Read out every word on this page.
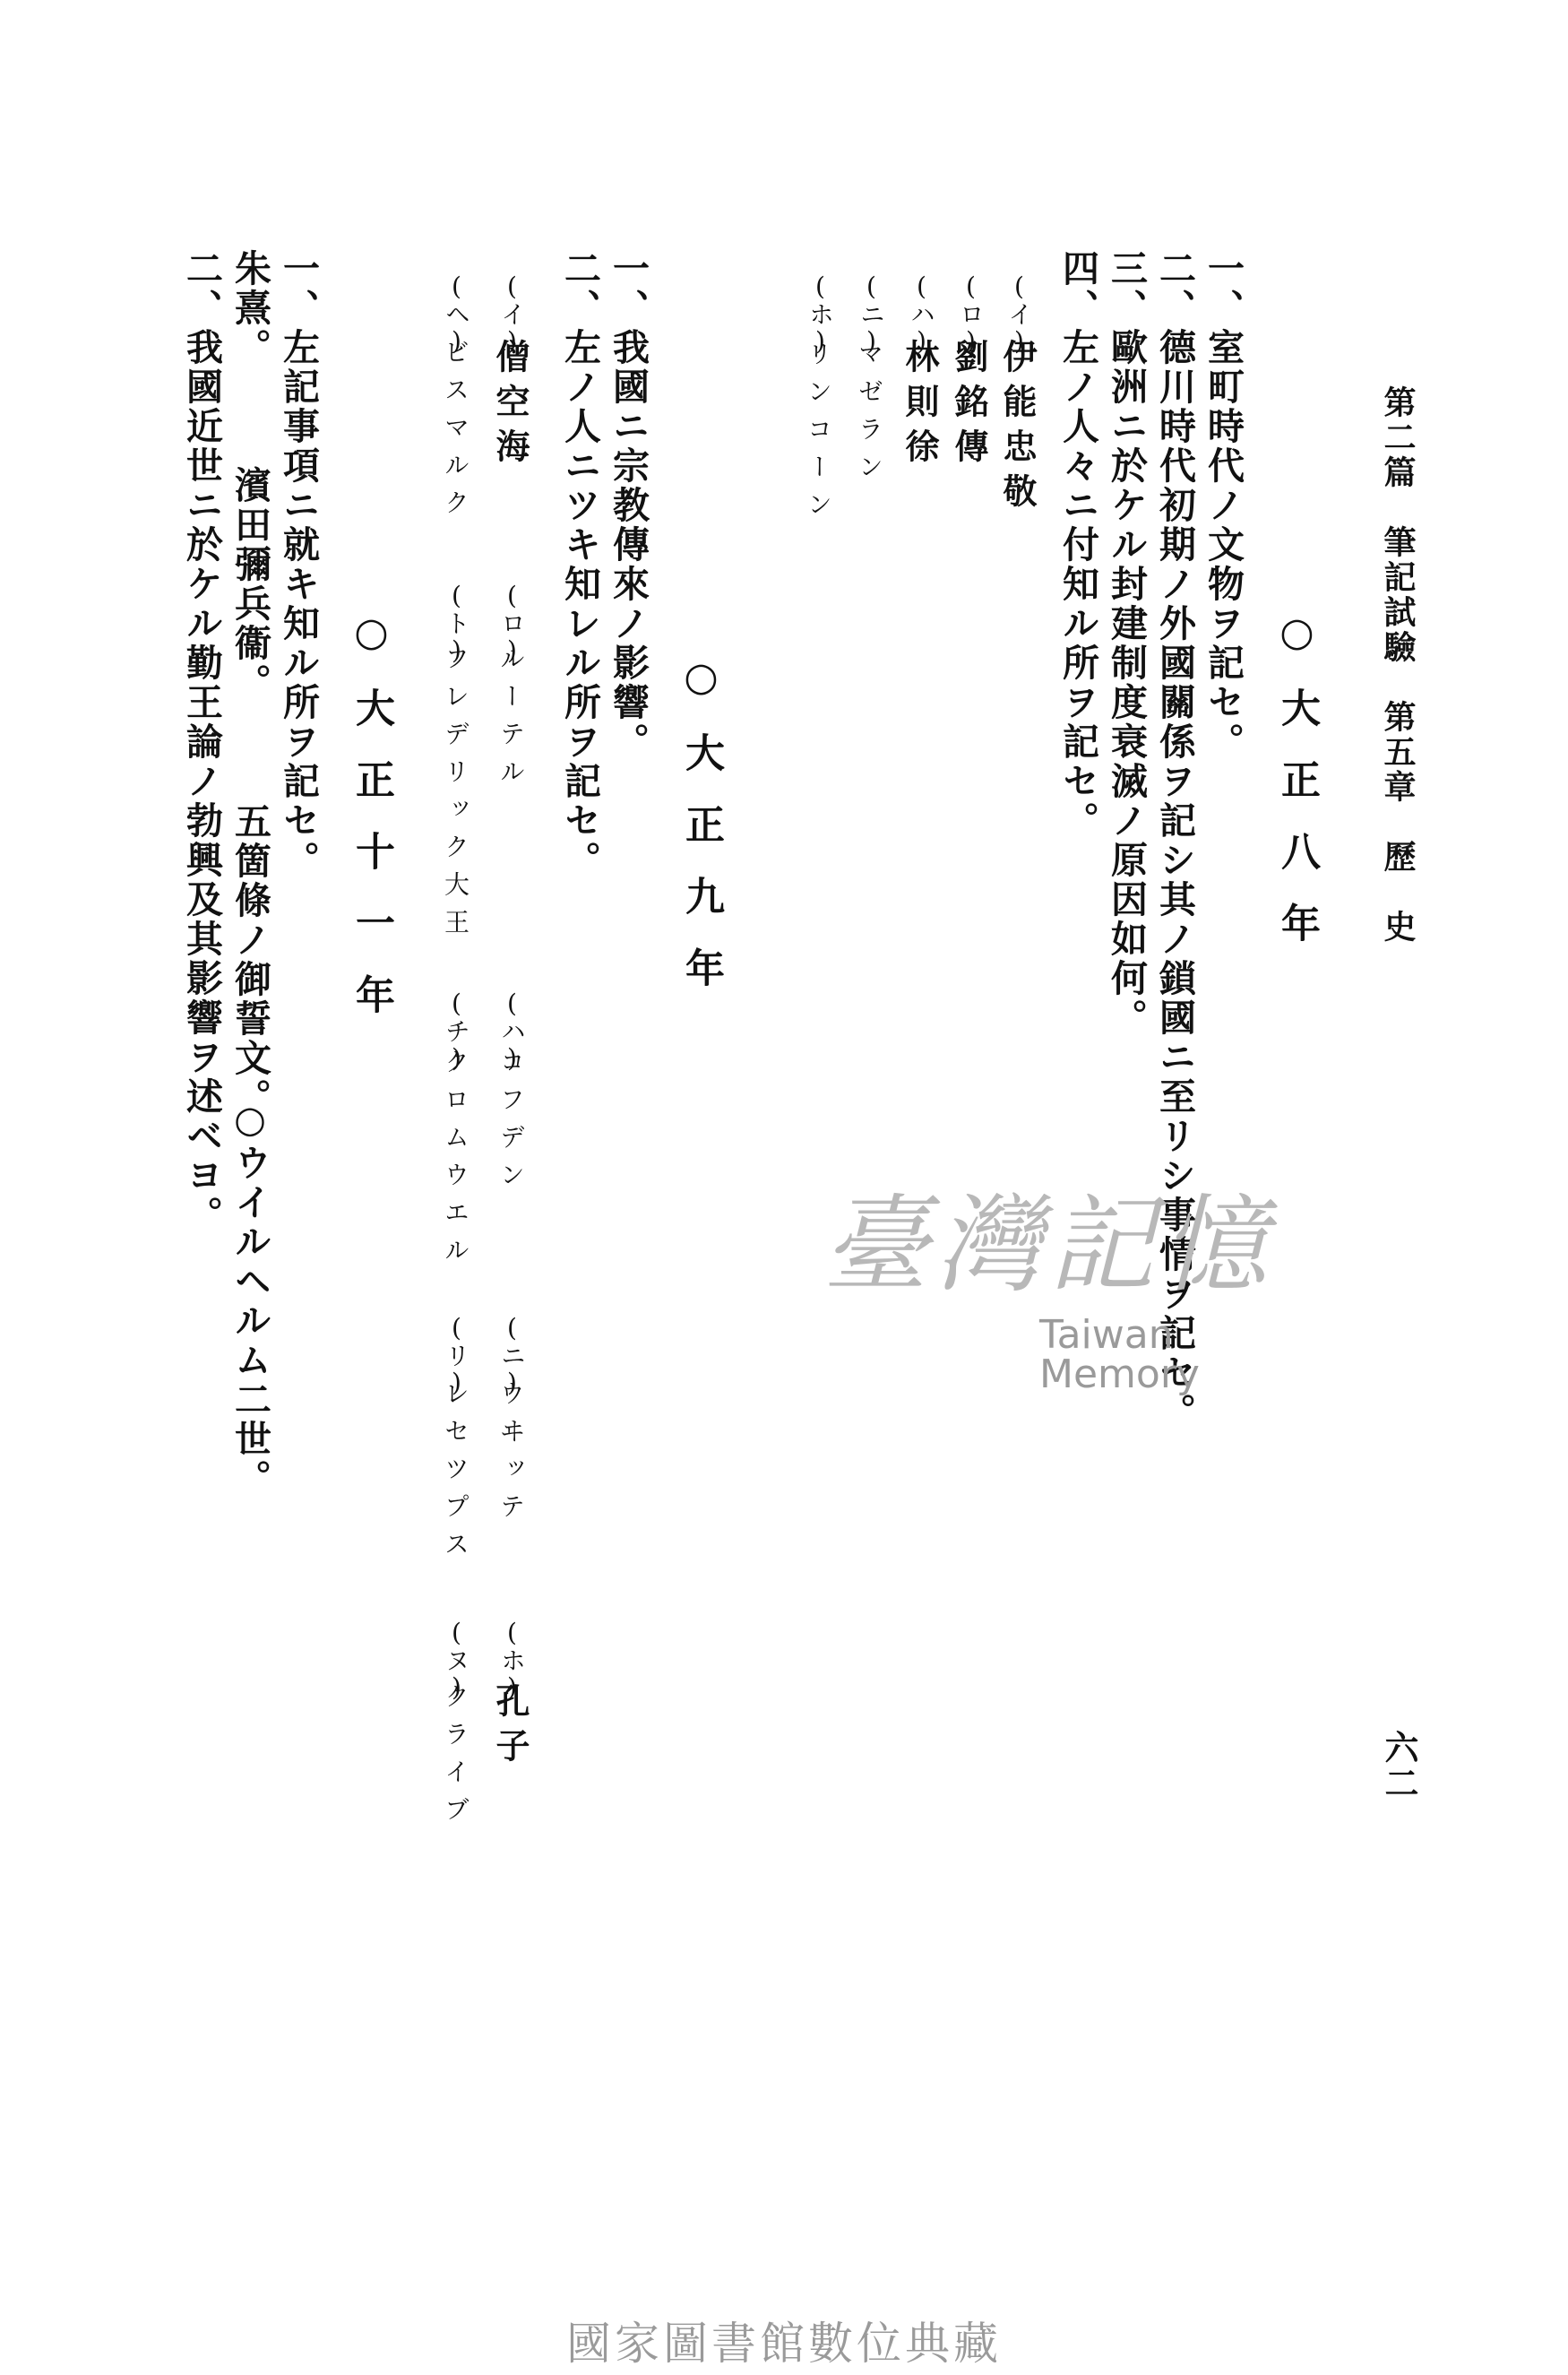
第二篇　筆記試驗　第五章　歷　史
六二
○大正八年
一、室町時代ノ文物ヲ記セ。
二、德川時代初期ノ外國關係ヲ記シ其ノ鎖國ニ至リシ事情ヲ記セ。
三、歐洲ニ於ケル封建制度衰滅ノ原因如何。
四、左ノ人々ニ付知ル所ヲ記セ。
(イ)
伊能忠敬
(ロ)
劉銘傳
(ハ)
林則徐
(ニ)
マゼラン
(ホ)
リンコーン
○大正九年
一、我國ニ宗教傳來ノ影響。
二、左ノ人ニツキ知レル所ヲ記セ。
(イ)
僧空海
(ロ)
ルーテル
(ハ)
コフデン
(ニ)
ウヰッテ
(ホ)
孔子
(ヘ)
ビスマルク
(ト)
フレデリック大王
(チ)
クロムウエル
(リ)
レセツプス
(ヌ)
クライブ
○大正十一年
一、左記事項ニ就キ知ル所ヲ記セ。
朱熹。
濱田彌兵衞。
五箇條ノ御誓文。
○ウイルヘルム二世。
二、我國近世ニ於ケル勤王論ノ勃興及其影響ヲ述ベヨ。
臺灣記憶
Taiwan Memory
國家圖書館數位典藏
